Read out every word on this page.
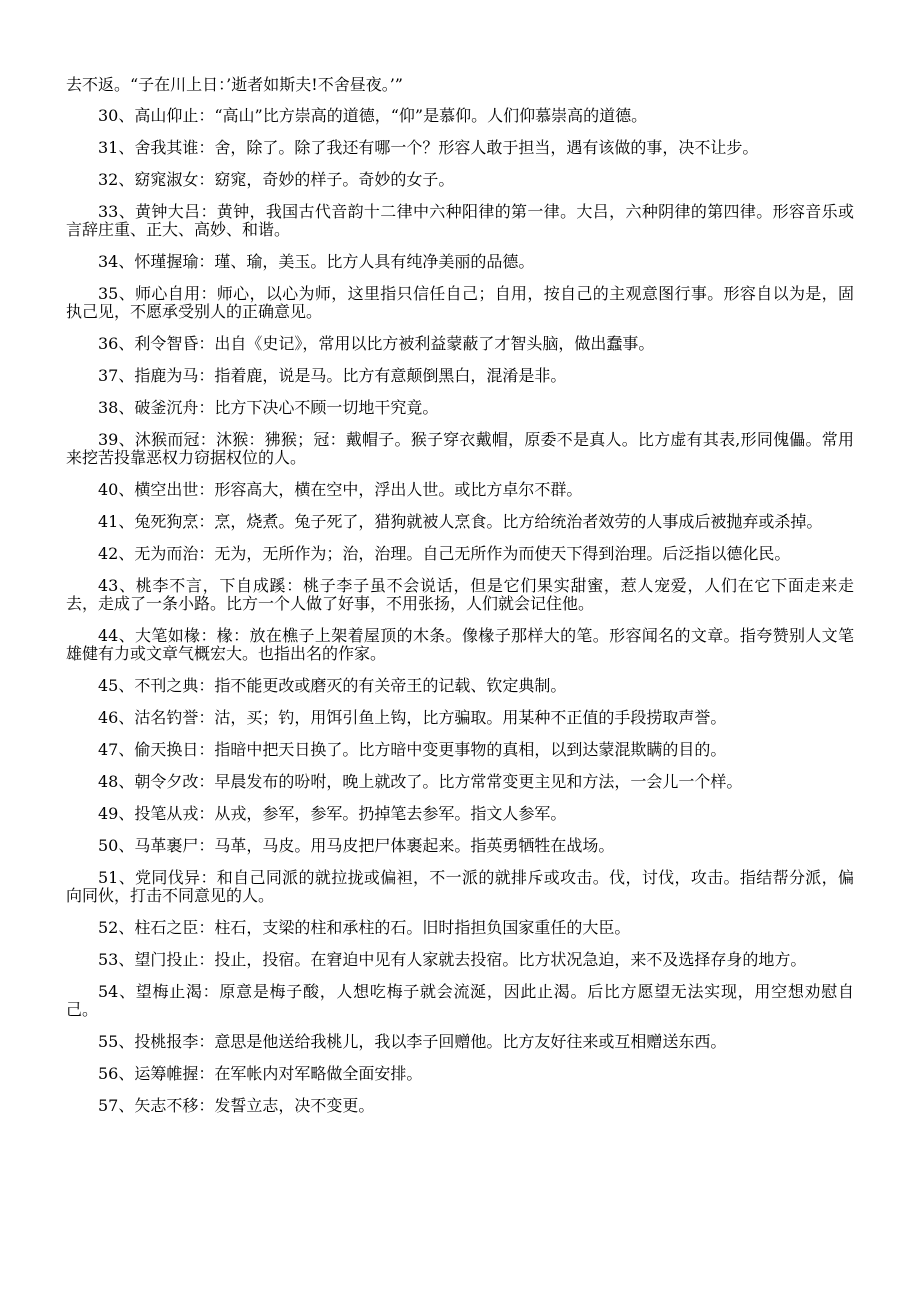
去不返。“子在川上日：’逝者如斯夫!不舍昼夜。’”

30、高山仰止：“高山”比方崇高的道德，“仰”是慕仰。人们仰慕崇高的道德。

31、舍我其谁：舍，除了。除了我还有哪一个？形容人敢于担当，遇有该做的事，决不让步。

32、窈窕淑女：窈窕，奇妙的样子。奇妙的女子。

33、黄钟大吕：黄钟，我国古代音韵十二律中六种阳律的第一律。大吕，六种阴律的第四律。形容音乐或言辞庄重、正大、高妙、和谐。

34、怀瑾握瑜：瑾、瑜，美玉。比方人具有纯净美丽的品德。

35、师心自用：师心，以心为师，这里指只信任自己；自用，按自己的主观意图行事。形容自以为是，固执己见，不愿承受别人的正确意见。

36、利令智昏：出自《史记》，常用以比方被利益蒙蔽了才智头脑，做出蠢事。

37、指鹿为马：指着鹿，说是马。比方有意颠倒黑白，混淆是非。

38、破釜沉舟：比方下决心不顾一切地干究竟。

39、沐猴而冠：沐猴：狒猴；冠：戴帽子。猴子穿衣戴帽，原委不是真人。比方虚有其表,形同傀儡。常用来挖苦投靠恶权力窃据权位的人。

40、横空出世：形容高大，横在空中，浮出人世。或比方卓尔不群。

41、兔死狗烹：烹，烧煮。兔子死了，猎狗就被人烹食。比方给统治者效劳的人事成后被抛弃或杀掉。

42、无为而治：无为，无所作为；治，治理。自己无所作为而使天下得到治理。后泛指以德化民。

43、桃李不言，下自成蹊：桃子李子虽不会说话，但是它们果实甜蜜，惹人宠爱，人们在它下面走来走去，走成了一条小路。比方一个人做了好事，不用张扬，人们就会记住他。

44、大笔如椽：椽：放在樵子上架着屋顶的木条。像椽子那样大的笔。形容闻名的文章。指夸赞别人文笔雄健有力或文章气概宏大。也指出名的作家。

45、不刊之典：指不能更改或磨灭的有关帝王的记载、钦定典制。

46、沽名钓誉：沽，买；钓，用饵引鱼上钩，比方骗取。用某种不正值的手段捞取声誉。

47、偷天换日：指暗中把天日换了。比方暗中变更事物的真相，以到达蒙混欺瞒的目的。

48、朝令夕改：早晨发布的吩咐，晚上就改了。比方常常变更主见和方法，一会儿一个样。

49、投笔从戎：从戎，参军，参军。扔掉笔去参军。指文人参军。

50、马革裹尸：马革，马皮。用马皮把尸体裹起来。指英勇牺牲在战场。

51、党同伐异：和自己同派的就拉拢或偏袒，不一派的就排斥或攻击。伐，讨伐，攻击。指结帮分派，偏向同伙，打击不同意见的人。

52、柱石之臣：柱石，支梁的柱和承柱的石。旧时指担负国家重任的大臣。

53、望门投止：投止，投宿。在窘迫中见有人家就去投宿。比方状况急迫，来不及选择存身的地方。

54、望梅止渴：原意是梅子酸，人想吃梅子就会流涎，因此止渴。后比方愿望无法实现，用空想劝慰自己。

55、投桃报李：意思是他送给我桃儿，我以李子回赠他。比方友好往来或互相赠送东西。

56、运筹帷握：在军帐内对军略做全面安排。

57、矢志不移：发誓立志，决不变更。
